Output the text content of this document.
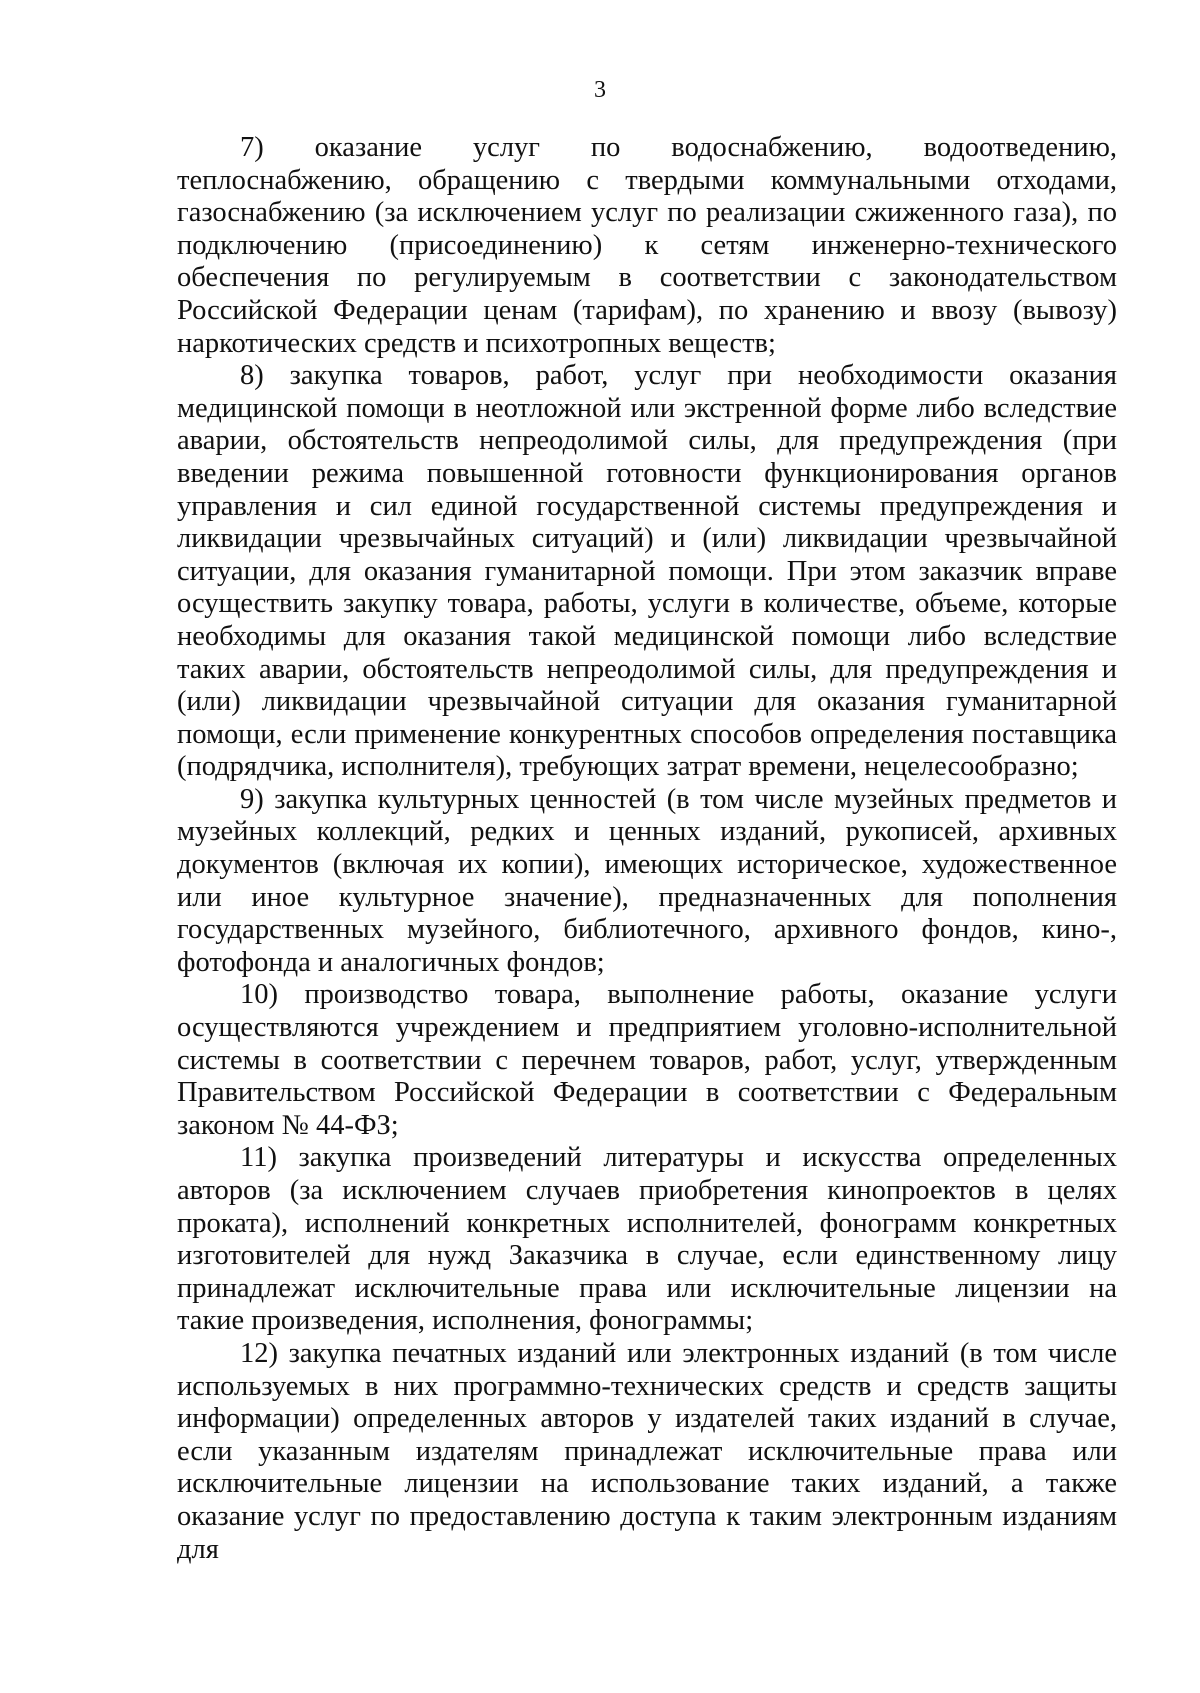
3

7) оказание услуг по водоснабжению, водоотведению, теплоснабжению, обращению с твердыми коммунальными отходами, газоснабжению (за исключением услуг по реализации сжиженного газа), по подключению (присоединению) к сетям инженерно-технического обеспечения по регулируемым в соответствии с законодательством Российской Федерации ценам (тарифам), по хранению и ввозу (вывозу) наркотических средств и психотропных веществ;

8) закупка товаров, работ, услуг при необходимости оказания медицинской помощи в неотложной или экстренной форме либо вследствие аварии, обстоятельств непреодолимой силы, для предупреждения (при введении режима повышенной готовности функционирования органов управления и сил единой государственной системы предупреждения и ликвидации чрезвычайных ситуаций) и (или) ликвидации чрезвычайной ситуации, для оказания гуманитарной помощи. При этом заказчик вправе осуществить закупку товара, работы, услуги в количестве, объеме, которые необходимы для оказания такой медицинской помощи либо вследствие таких аварии, обстоятельств непреодолимой силы, для предупреждения и (или) ликвидации чрезвычайной ситуации для оказания гуманитарной помощи, если применение конкурентных способов определения поставщика (подрядчика, исполнителя), требующих затрат времени, нецелесообразно;

9) закупка культурных ценностей (в том числе музейных предметов и музейных коллекций, редких и ценных изданий, рукописей, архивных документов (включая их копии), имеющих историческое, художественное или иное культурное значение), предназначенных для пополнения государственных музейного, библиотечного, архивного фондов, кино-, фотофонда и аналогичных фондов;

10) производство товара, выполнение работы, оказание услуги осуществляются учреждением и предприятием уголовно-исполнительной системы в соответствии с перечнем товаров, работ, услуг, утвержденным Правительством Российской Федерации в соответствии с Федеральным законом № 44-ФЗ;

11) закупка произведений литературы и искусства определенных авторов (за исключением случаев приобретения кинопроектов в целях проката), исполнений конкретных исполнителей, фонограмм конкретных изготовителей для нужд Заказчика в случае, если единственному лицу принадлежат исключительные права или исключительные лицензии на такие произведения, исполнения, фонограммы;

12) закупка печатных изданий или электронных изданий (в том числе используемых в них программно-технических средств и средств защиты информации) определенных авторов у издателей таких изданий в случае, если указанным издателям принадлежат исключительные права или исключительные лицензии на использование таких изданий, а также оказание услуг по предоставлению доступа к таким электронным изданиям для
